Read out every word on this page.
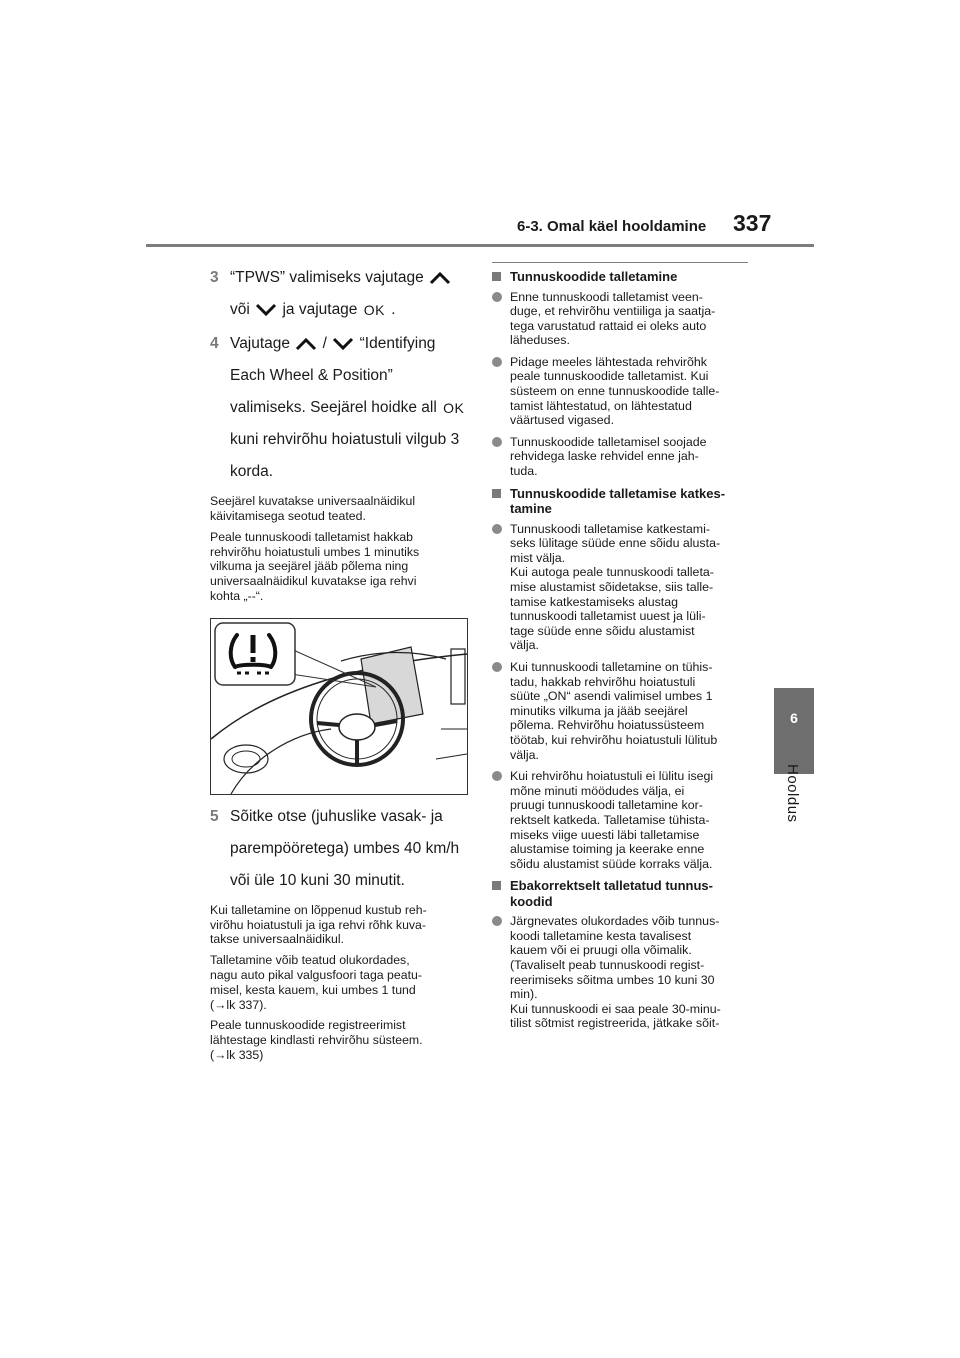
6-3. Omal käel hooldamine 337
6
Hooldus
3 “TPWS” valimiseks vajutage
või ja vajutage OK .
4 Vajutage / “Identifying Each Wheel & Position” valimiseks. Seejärel hoidke all OK kuni rehvirõhu hoiatustuli vilgub 3 korda.

Seejärel kuvatakse universaalnäidikul
käivitamisega seotud teated.

Peale tunnuskoodi talletamist hakkab
rehvirõhu hoiatustuli umbes 1 minutiks
vilkuma ja seejärel jääb põlema ning
universaalnäidikul kuvatakse iga rehvi
kohta „--“.

5 Sõitke otse (juhuslike vasak- ja parempööretega) umbes 40 km/h või üle 10 kuni 30 minutit.

Kui talletamine on lõppenud kustub reh-
virõhu hoiatustuli ja iga rehvi rõhk kuva-
takse universaalnäidikul.

Talletamine võib teatud olukordades,
nagu auto pikal valgusfoori taga peatu-
misel, kesta kauem, kui umbes 1 tund
(→lk 337).

Peale tunnuskoodide registreerimist
lähtestage kindlasti rehvirõhu süsteem.
(→lk 335)

Tunnuskoodide talletamine
Enne tunnuskoodi talletamist veen-
duge, et rehvirõhu ventiiliga ja saatja-
tega varustatud rattaid ei oleks auto
läheduses.
Pidage meeles lähtestada rehvirõhk
peale tunnuskoodide talletamist. Kui
süsteem on enne tunnuskoodide talle-
tamist lähtestatud, on lähtestatud
väärtused vigased.
Tunnuskoodide talletamisel soojade
rehvidega laske rehvidel enne jah-
tuda.
Tunnuskoodide talletamise katkes-
tamine
Tunnuskoodi talletamise katkestami-
seks lülitage süüde enne sõidu alusta-
mist välja.
Kui autoga peale tunnuskoodi talleta-
mise alustamist sõidetakse, siis talle-
tamise katkestamiseks alustag
tunnuskoodi talletamist uuest ja lüli-
tage süüde enne sõidu alustamist
välja.
Kui tunnuskoodi talletamine on tühis-
tadu, hakkab rehvirõhu hoiatustuli
süüte „ON“ asendi valimisel umbes 1
minutiks vilkuma ja jääb seejärel
põlema. Rehvirõhu hoiatussüsteem
töötab, kui rehvirõhu hoiatustuli lülitub
välja.
Kui rehvirõhu hoiatustuli ei lülitu isegi
mõne minuti möödudes välja, ei
pruugi tunnuskoodi talletamine kor-
rektselt katkeda. Talletamise tühista-
miseks viige uuesti läbi talletamise
alustamise toiming ja keerake enne
sõidu alustamist süüde korraks välja.
Ebakorrektselt talletatud tunnus-
koodid
Järgnevates olukordades võib tunnus-
koodi talletamine kesta tavalisest
kauem või ei pruugi olla võimalik.
(Tavaliselt peab tunnuskoodi regist-
reerimiseks sõitma umbes 10 kuni 30
min).
Kui tunnuskoodi ei saa peale 30-minu-
tilist sõtmist registreerida, jätkake sõit-
